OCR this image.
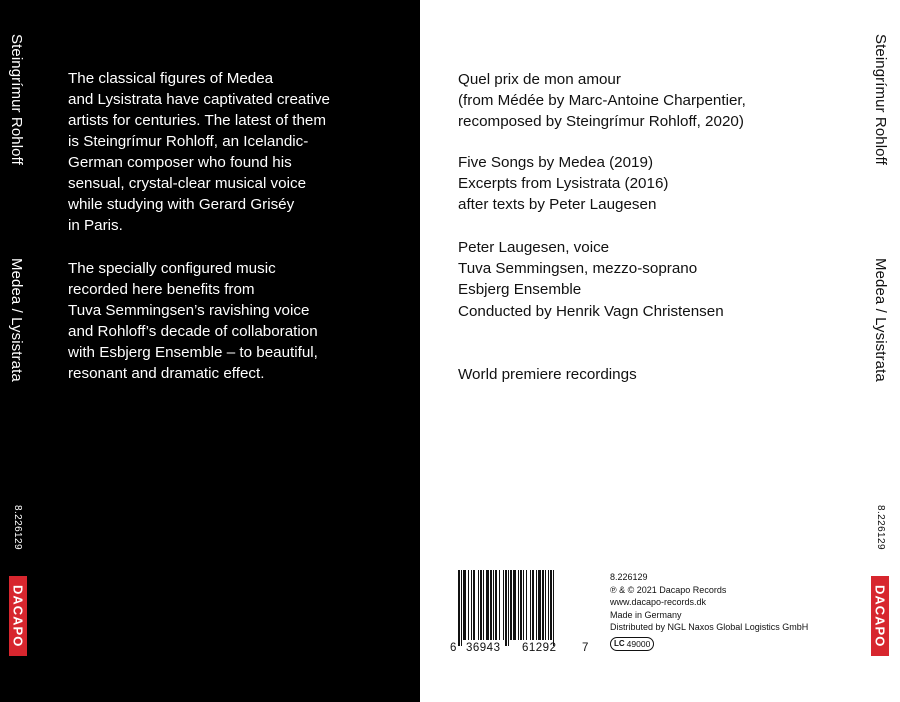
Steingrímur Rohloff
Medea / Lysistrata
8.226129
DACAPO

The classical figures of Medea
and Lysistrata have captivated creative
artists for centuries. The latest of them
is Steingrímur Rohloff, an Icelandic-
German composer who found his
sensual, crystal-clear musical voice
while studying with Gerard Griséy
in Paris.

The specially configured music
recorded here benefits from
Tuva Semmingsen’s ravishing voice
and Rohloff’s decade of collaboration
with Esbjerg Ensemble – to beautiful,
resonant and dramatic effect.

Quel prix de mon amour
(from Médée by Marc-Antoine Charpentier,
recomposed by Steingrímur Rohloff, 2020)
Five Songs by Medea (2019)
Excerpts from Lysistrata (2016)
after texts by Peter Laugesen
Peter Laugesen, voice
Tuva Semmingsen, mezzo-soprano
Esbjerg Ensemble
Conducted by Henrik Vagn Christensen
World premiere recordings
6 36943 61292 7
8.226129
℗ & © 2021 Dacapo Records
www.dacapo-records.dk
Made in Germany
Distributed by NGL Naxos Global Logistics GmbH
LC 49000
Steingrímur Rohloff
Medea / Lysistrata
8.226129
DACAPO
